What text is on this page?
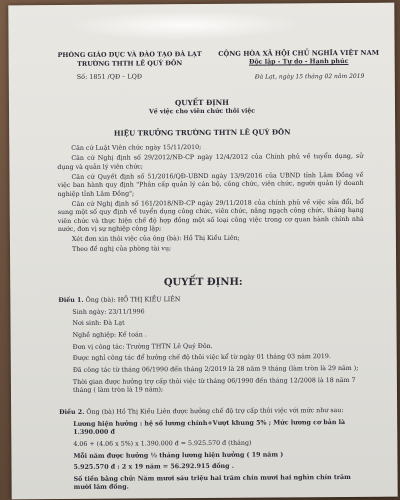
PHÒNG GIÁO DỤC VÀ ĐÀO TẠO ĐÀ LẠT
TRƯỜNG THTH LÊ QUÝ ĐÔN
CỘNG HÒA XÃ HỘI CHỦ NGHĨA VIỆT NAM
Độc lập - Tự do - Hạnh phúc
Số: 1851 /QĐ – LQĐ	Đà Lạt, ngày 15 tháng 02 năm 2019
QUYẾT ĐỊNH
Về việc cho viên chức thôi việc
HIỆU TRƯỞNG TRƯỜNG THTN LÊ QUÝ ĐÔN

Căn cứ Luật Viên chức ngày 15/11/2010;

Căn cứ Nghị định số 29/2012/NĐ-CP ngày 12/4/2012 của Chính phủ về tuyển dụng, sử dụng và quản lý viên chức;

Căn cứ Quyết định số 51/2016/QĐ-UBND ngày 13/9/2016 của UBND tỉnh Lâm Đồng về việc ban hành quy định "Phân cấp quản lý cán bộ, công chức, viên chức, người quản lý doanh nghiệp tỉnh Lâm Đồng";

Căn cứ Nghị định số 161/2018/NĐ-CP ngày 29/11/2018 của chính phủ về việc sửa đổi, bổ sung một số quy định về tuyển dụng công chức, viên chức, nâng ngạch công chức, thăng hạng viên chức và thực hiện chế độ hợp đồng một số loại công việc trong cơ quan hành chính nhà nước, đơn vị sự nghiệp công lập;

Xét đơn xin thôi việc của ông (bà): Hồ Thị Kiều Liên;

Theo đề nghị của phòng tài vụ;

QUYẾT ĐỊNH:
Điều 1. Ông (bà): HỒ THỊ KIỀU LIÊN
Sinh ngày: 23/11/1996
Nơi sinh: Đà Lạt
Nghề nghiệp: Kế toán .
Đơn vị công tác: Trường THTN Lê Quý Đôn.
Được nghỉ công tác để hưởng chế độ thôi việc kể từ ngày 01 tháng 03 năm 2019.
Đã công tác từ tháng 06/1990 đến tháng 2/2019 là 28 năm 9 tháng (làm tròn là 29 năm );
Thời gian được hưởng trợ cấp thôi việc từ tháng 06/1990 đến tháng 12/2008 là 18 năm 7 tháng ( làm tròn là 19 năm);
Điều 2. Ông (bà) Hồ Thị Kiều Liên được hưởng chế độ trợ cấp thôi việc với mức như sau:
Lương hiện hưởng : hệ số lương chính+Vượt khung 5% ; Mức lương cơ bản là 1.390.000 đ
4.06 + (4.06 x 5%) x 1.390.000 đ = 5.925.570 đ (tháng)
Mỗi năm được hưởng ½ tháng lương hiện hưởng ( 19 năm )
5.925.570 đ : 2 x 19 năm = 56.292.915 đồng .
Số tiền bằng chữ: Năm mươi sáu triệu hai trăm chín mươi hai nghìn chín trăm mười lăm đồng.
